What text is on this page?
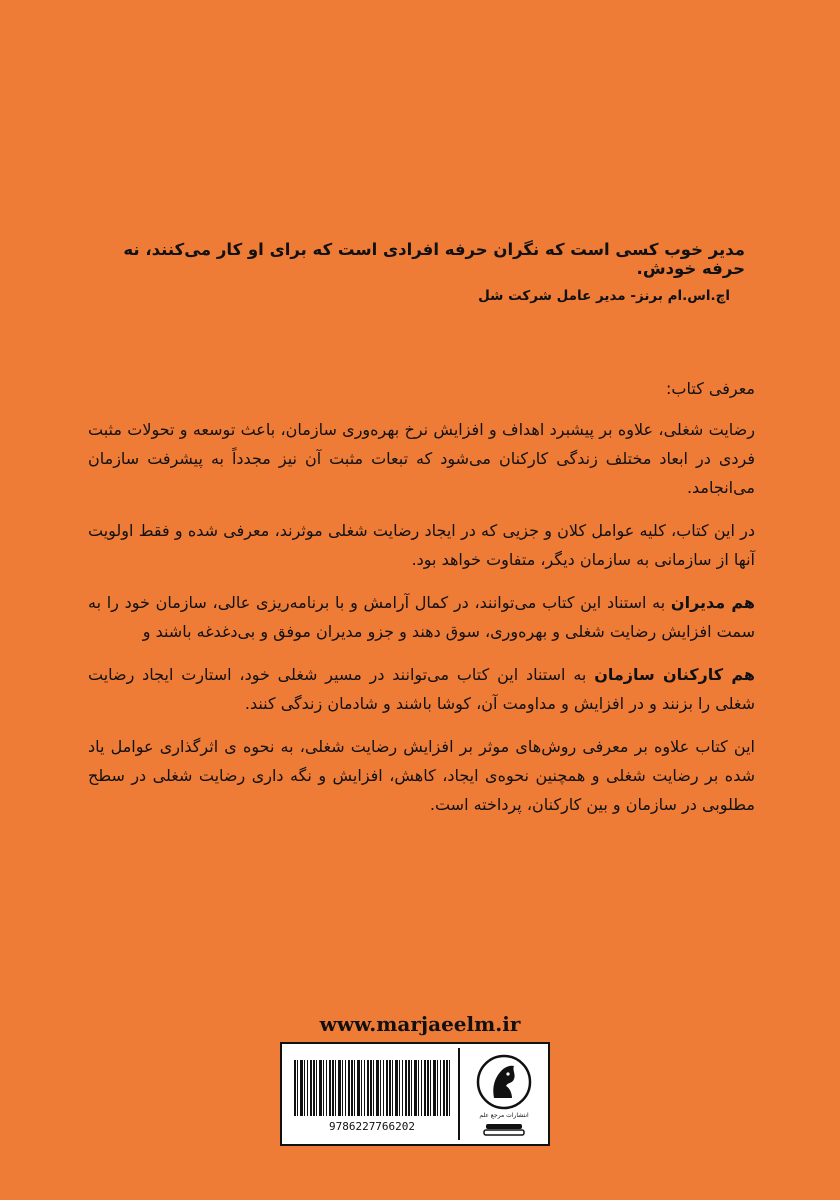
مدیر خوب کسی است که نگران حرفه افرادی است که برای او کار می‌کنند، نه حرفه خودش.
اچ.اس.ام برنز- مدیر عامل شرکت شل

معرفی کتاب:

رضایت شغلی، علاوه بر پیشبرد اهداف و افزایش نرخ بهره‌وری سازمان، باعث توسعه و تحولات مثبت فردی در ابعاد مختلف زندگی کارکنان می‌شود که تبعات مثبت آن نیز مجدداً به پیشرفت سازمان می‌انجامد.

در این کتاب، کلیه عوامل کلان و جزیی که در ایجاد رضایت شغلی موثرند، معرفی شده و فقط اولویت آنها از سازمانی به سازمان دیگر، متفاوت خواهد بود.

هم مدیران به استناد این کتاب می‌توانند، در کمال آرامش و با برنامه‌ریزی عالی، سازمان خود را به سمت افزایش رضایت شغلی و بهره‌وری، سوق دهند و جزو مدیران موفق و بی‌دغدغه باشند و

هم کارکنان سازمان به استناد این کتاب می‌توانند در مسیر شغلی خود، استارت ایجاد رضایت شغلی را بزنند و در افزایش و مداومت آن، کوشا باشند و شادمان زندگی کنند.

این کتاب علاوه بر معرفی روش‌های موثر بر افزایش رضایت شغلی، به نحوه ی اثرگذاری عوامل یاد شده بر رضایت شغلی و همچنین نحوه‌ی ایجاد، کاهش، افزایش و نگه داری رضایت شغلی در سطح مطلوبی در سازمان و بین کارکنان، پرداخته است.

www.marjaeelm.ir
9786227766202
انتشارات مرجع علم
